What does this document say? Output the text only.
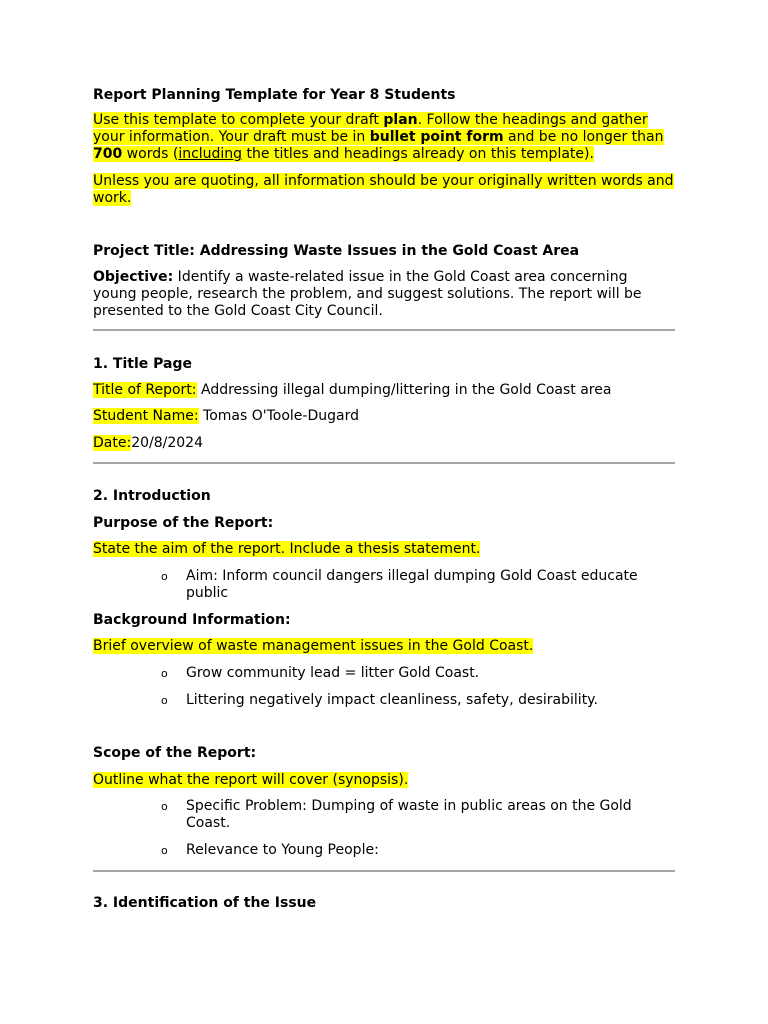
Report Planning Template for Year 8 Students

Use this template to complete your draft plan. Follow the headings and gather your information. Your draft must be in bullet point form and be no longer than 700 words (including the titles and headings already on this template).

Unless you are quoting, all information should be your originally written words and work.

Project Title: Addressing Waste Issues in the Gold Coast Area

Objective: Identify a waste-related issue in the Gold Coast area concerning young people, research the problem, and suggest solutions. The report will be presented to the Gold Coast City Council.

1. Title Page

Title of Report: Addressing illegal dumping/littering in the Gold Coast area

Student Name: Tomas O'Toole-Dugard

Date:20/8/2024

2. Introduction

Purpose of the Report:

State the aim of the report. Include a thesis statement.

o	Aim: Inform council dangers illegal dumping Gold Coast educate public

Background Information:

Brief overview of waste management issues in the Gold Coast.

o	Grow community lead = litter Gold Coast.
o	Littering negatively impact cleanliness, safety, desirability.

Scope of the Report:

Outline what the report will cover (synopsis).

o	Specific Problem: Dumping of waste in public areas on the Gold Coast.
o	Relevance to Young People:

3. Identification of the Issue
